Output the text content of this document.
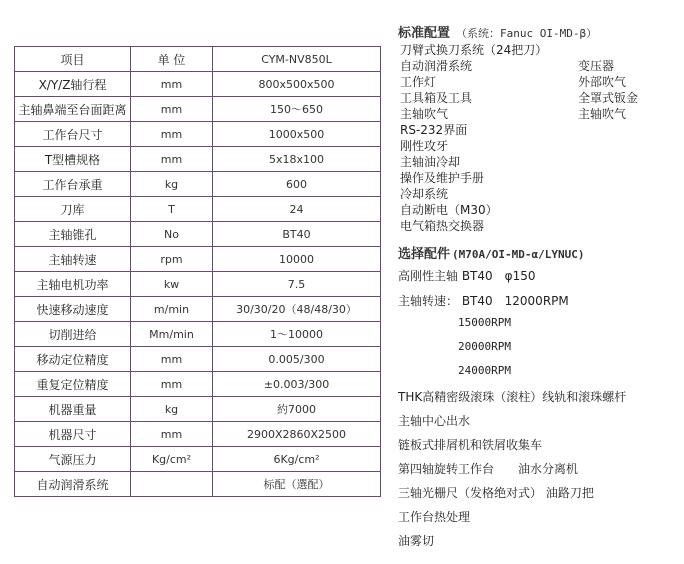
项目	单 位	CYM-NV850L
X/Y/Z轴行程	mm	800x500x500
主轴鼻端至台面距离	mm	150～650
工作台尺寸	mm	1000x500
T型槽规格	mm	5x18x100
工作台承重	kg	600
刀库	T	24
主轴锥孔	No	BT40
主轴转速	rpm	10000
主轴电机功率	kw	7.5
快速移动速度	m/min	30/30/20（48/48/30）
切削进给	Mm/min	1～10000
移动定位精度	mm	0.005/300
重复定位精度	mm	±0.003/300
机器重量	kg	約7000
机器尺寸	mm	2900X2860X2500
气源压力	Kg/cm²	6Kg/cm²
自动润滑系统		标配（選配）
标准配置 （系统：Fanuc OI-MD-β）
刀臂式换刀系统（24把刀）
自动润滑系统
工作灯
工具箱及工具
主轴吹气
RS-232界面
刚性攻牙
主轴油冷却
操作及维护手册
冷却系统
自动断电（M30）
电气箱热交换器
变压器
外部吹气
全罩式钣金
主轴吹气
选择配件 (M70A/OI-MD-α/LYNUC)
高刚性主轴 BT40　φ150
主轴转速： BT40　12000RPM
15000RPM
20000RPM
24000RPM
THK高精密级滚珠（滚柱）线轨和滚珠螺杆
主轴中心出水
链板式排屑机和铁屑收集车
第四轴旋转工作台　　油水分离机
三轴光栅尺（发格绝对式） 油路刀把
工作台热处理
油雾切
